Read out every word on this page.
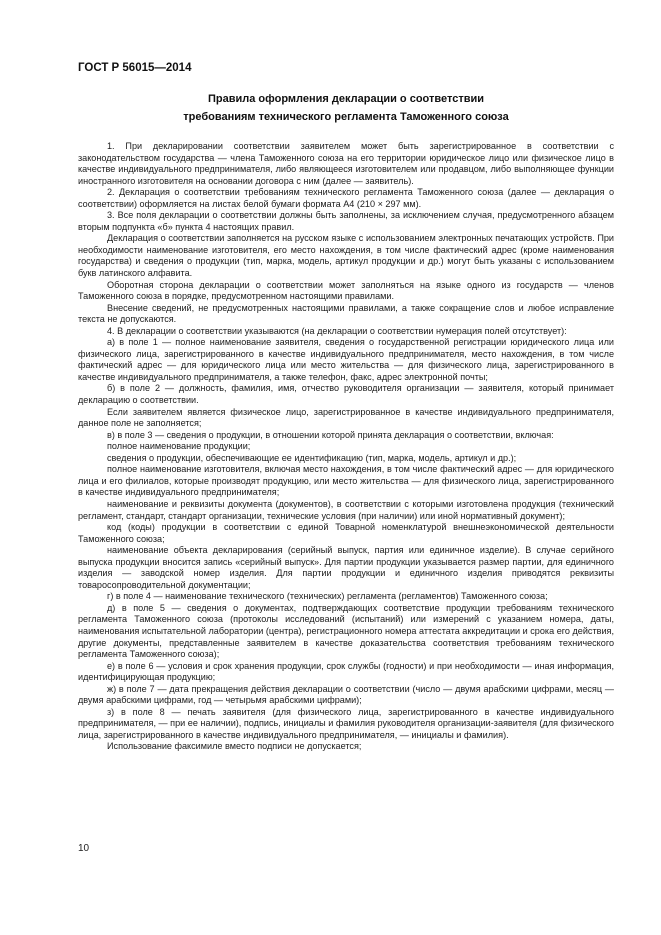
ГОСТ Р 56015—2014
Правила оформления декларации о соответствии
требованиям технического регламента Таможенного союза

1. При декларировании соответствии заявителем может быть зарегистрированное в соответствии с законодательством государства — члена Таможенного союза на его территории юридическое лицо или физическое лицо в качестве индивидуального предпринимателя, либо являющееся изготовителем или продавцом, либо выполняющее функции иностранного изготовителя на основании договора с ним (далее — заявитель).

2. Декларация о соответствии требованиям технического регламента Таможенного союза (далее — декларация о соответствии) оформляется на листах белой бумаги формата А4 (210 × 297 мм).

3. Все поля декларации о соответствии должны быть заполнены, за исключением случая, предусмотренного абзацем вторым подпункта «б» пункта 4 настоящих правил.

Декларация о соответствии заполняется на русском языке с использованием электронных печатающих устройств. При необходимости наименование изготовителя, его место нахождения, в том числе фактический адрес (кроме наименования государства) и сведения о продукции (тип, марка, модель, артикул продукции и др.) могут быть указаны с использованием букв латинского алфавита.

Оборотная сторона декларации о соответствии может заполняться на языке одного из государств — членов Таможенного союза в порядке, предусмотренном настоящими правилами.

Внесение сведений, не предусмотренных настоящими правилами, а также сокращение слов и любое исправление текста не допускаются.

4. В декларации о соответствии указываются (на декларации о соответствии нумерация полей отсутствует):

а) в поле 1 — полное наименование заявителя, сведения о государственной регистрации юридического лица или физического лица, зарегистрированного в качестве индивидуального предпринимателя, место нахождения, в том числе фактический адрес — для юридического лица или место жительства — для физического лица, зарегистрированного в качестве индивидуального предпринимателя, а также телефон, факс, адрес электронной почты;

б) в поле 2 — должность, фамилия, имя, отчество руководителя организации — заявителя, который принимает декларацию о соответствии.

Если заявителем является физическое лицо, зарегистрированное в качестве индивидуального предпринимателя, данное поле не заполняется;

в) в поле 3 — сведения о продукции, в отношении которой принята декларация о соответствии, включая:

полное наименование продукции;

сведения о продукции, обеспечивающие ее идентификацию (тип, марка, модель, артикул и др.);

полное наименование изготовителя, включая место нахождения, в том числе фактический адрес — для юридического лица и его филиалов, которые производят продукцию, или место жительства — для физического лица, зарегистрированного в качестве индивидуального предпринимателя;

наименование и реквизиты документа (документов), в соответствии с которыми изготовлена продукция (технический регламент, стандарт, стандарт организации, технические условия (при наличии) или иной нормативный документ);

код (коды) продукции в соответствии с единой Товарной номенклатурой внешнеэкономической деятельности Таможенного союза;

наименование объекта декларирования (серийный выпуск, партия или единичное изделие). В случае серийного выпуска продукции вносится запись «серийный выпуск». Для партии продукции указывается размер партии, для единичного изделия — заводской номер изделия. Для партии продукции и единичного изделия приводятся реквизиты товаросопроводительной документации;

г) в поле 4 — наименование технического (технических) регламента (регламентов) Таможенного союза;

д) в поле 5 — сведения о документах, подтверждающих соответствие продукции требованиям технического регламента Таможенного союза (протоколы исследований (испытаний) или измерений с указанием номера, даты, наименования испытательной лаборатории (центра), регистрационного номера аттестата аккредитации и срока его действия, другие документы, представленные заявителем в качестве доказательства соответствия требованиям технического регламента Таможенного союза);

е) в поле 6 — условия и срок хранения продукции, срок службы (годности) и при необходимости — иная информация, идентифицирующая продукцию;

ж) в поле 7 — дата прекращения действия декларации о соответствии (число — двумя арабскими цифрами, месяц — двумя арабскими цифрами, год — четырьмя арабскими цифрами);

з) в поле 8 — печать заявителя (для физического лица, зарегистрированного в качестве индивидуального предпринимателя, — при ее наличии), подпись, инициалы и фамилия руководителя организации-заявителя (для физического лица, зарегистрированного в качестве индивидуального предпринимателя, — инициалы и фамилия).

Использование факсимиле вместо подписи не допускается;

10
